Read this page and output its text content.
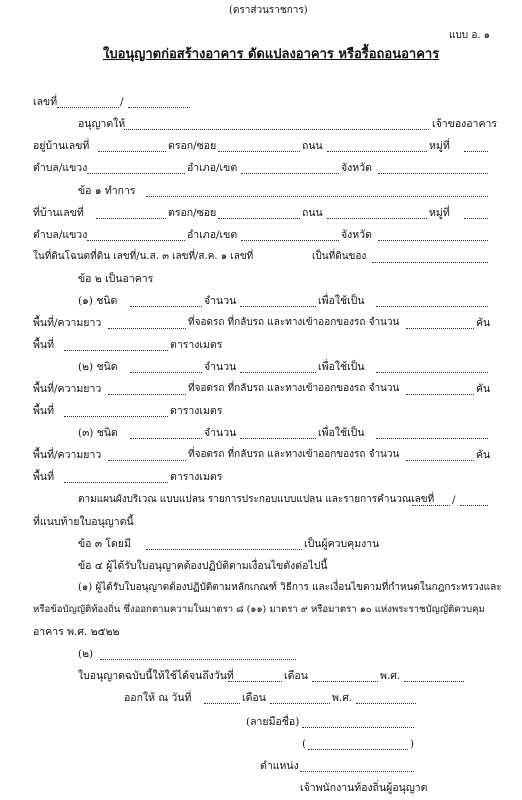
(ตราส่วนราชการ)
แบบ อ. ๑
ใบอนุญาตก่อสร้างอาคาร ดัดแปลงอาคาร หรือรื้อถอนอาคาร
เลขที่	/
อนุญาตให้	เจ้าของอาคาร
อยู่บ้านเลขที่	ตรอก/ซอย	ถนน	หมู่ที่
ตำบล/แขวง	อำเภอ/เขต	จังหวัด
ข้อ ๑ ทำการ
ที่บ้านเลขที่	ตรอก/ซอย	ถนน	หมู่ที่
ตำบล/แขวง	อำเภอ/เขต	จังหวัด
ในที่ดินโฉนดที่ดิน เลขที่/น.ส. ๓ เลขที่/ส.ค. ๑ เลขที่	เป็นที่ดินของ
ข้อ ๒ เป็นอาคาร
(๑) ชนิด	จำนวน	เพื่อใช้เป็น
พื้นที่/ความยาว	ที่จอดรถ ที่กลับรถ และทางเข้าออกของรถ จำนวน	คัน
พื้นที่	ตารางเมตร
(๒) ชนิด	จำนวน	เพื่อใช้เป็น
พื้นที่/ความยาว	ที่จอดรถ ที่กลับรถ และทางเข้าออกของรถ จำนวน	คัน
พื้นที่	ตารางเมตร
(๓) ชนิด	จำนวน	เพื่อใช้เป็น
พื้นที่/ความยาว	ที่จอดรถ ที่กลับรถ และทางเข้าออกของรถ จำนวน	คัน
พื้นที่	ตารางเมตร
ตามแผนผังบริเวณ แบบแปลน รายการประกอบแบบแปลน และรายการคำนวณเลขที่ /
ที่แนบท้ายใบอนุญาตนี้
ข้อ ๓ โดยมี	เป็นผู้ควบคุมงาน
ข้อ ๔ ผู้ได้รับใบอนุญาตต้องปฏิบัติตามเงื่อนไขดังต่อไปนี้
(๑) ผู้ได้รับใบอนุญาตต้องปฏิบัติตามหลักเกณฑ์ วิธีการ และเงื่อนไขตามที่กำหนดในกฎกระทรวงและ
หรือข้อบัญญัติท้องถิ่น ซึ่งออกตามความในมาตรา ๘ (๑๑) มาตรา ๙ หรือมาตรา ๑๐ แห่งพระราชบัญญัติควบคุม
อาคาร พ.ศ. ๒๕๒๒
(๒)
ใบอนุญาตฉบับนี้ให้ใช้ได้จนถึงวันที่	เดือน	พ.ศ.
ออกให้ ณ วันที่	เดือน	พ.ศ.
(ลายมือชื่อ)
(	)
ตำแหน่ง
เจ้าพนักงานท้องถิ่นผู้อนุญาต
